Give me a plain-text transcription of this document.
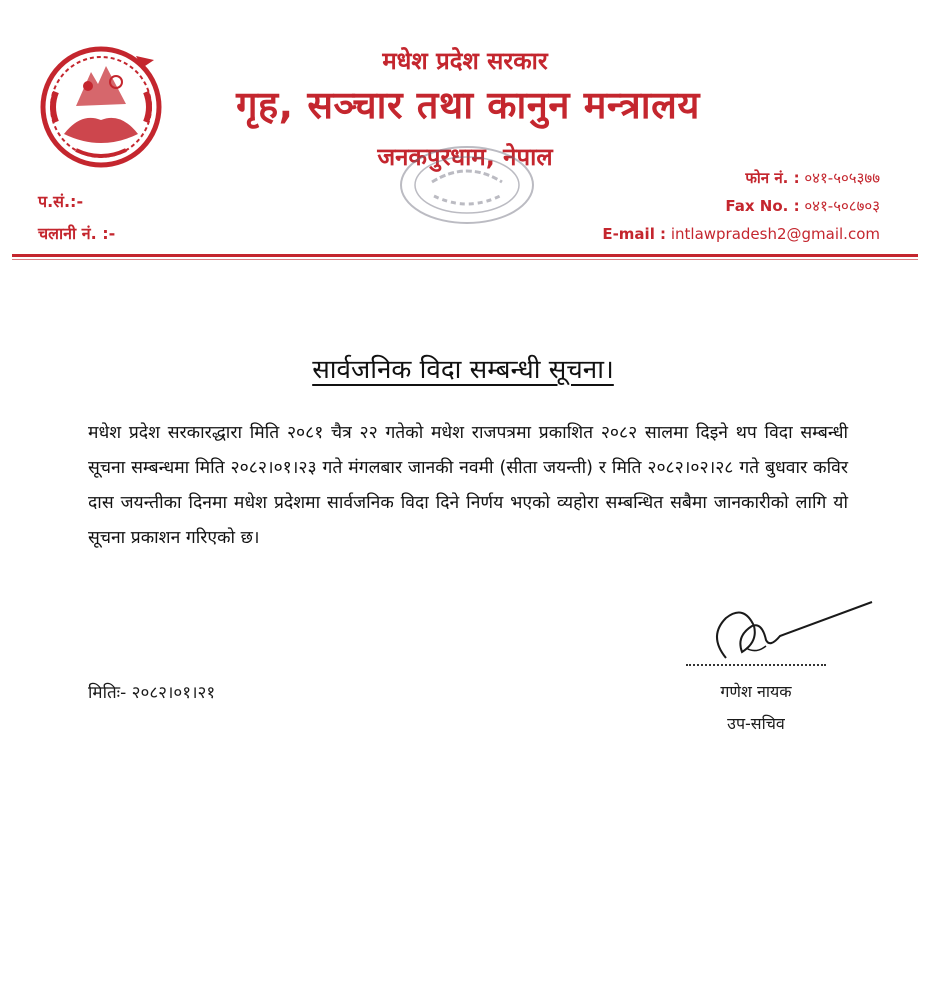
मधेश प्रदेश सरकार
गृह, सञ्चार तथा कानुन मन्त्रालय
जनकपुरधाम, नेपाल
फोन नं. : ०४१-५०५३७७
Fax No. : ०४१-५०८७०३
E-mail : intlawpradesh2@gmail.com
प.सं.:-
चलानी नं. :-
सार्वजनिक विदा सम्बन्धी सूचना।
मधेश प्रदेश सरकारद्धारा मिति २०८१ चैत्र २२ गतेको मधेश राजपत्रमा प्रकाशित २०८२ सालमा दिइने थप विदा सम्बन्धी सूचना सम्बन्धमा मिति २०८२।०१।२३ गते मंगलबार जानकी नवमी (सीता जयन्ती) र मिति २०८२।०२।२८ गते बुधवार कविर दास जयन्तीका दिनमा मधेश प्रदेशमा सार्वजनिक विदा दिने निर्णय भएको व्यहोरा सम्बन्धित सबैमा जानकारीको लागि यो सूचना प्रकाशन गरिएको छ।
गणेश नायक
उप-सचिव
मितिः- २०८२।०१।२१
